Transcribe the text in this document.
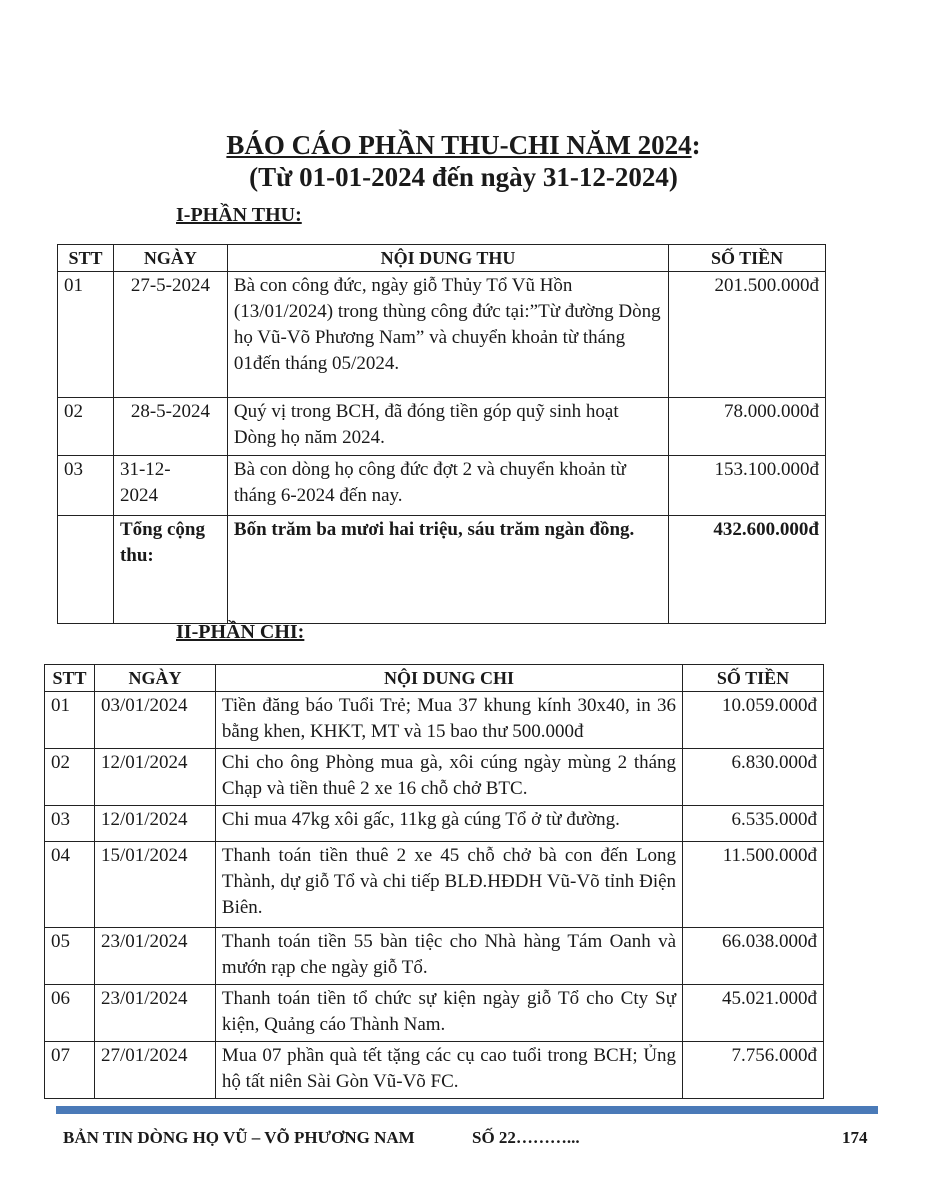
BÁO CÁO PHẦN THU-CHI NĂM 2024:
(Từ 01-01-2024 đến ngày 31-12-2024)
I-PHẦN THU:
STT	NGÀY	NỘI DUNG THU	SỐ TIỀN
01	27-5-2024	Bà con công đức, ngày giỗ Thủy Tổ Vũ Hồn (13/01/2024) trong thùng công đức tại:”Từ đường Dòng họ Vũ-Võ Phương Nam” và chuyển khoản từ tháng 01đến tháng 05/2024.	201.500.000đ
02	28-5-2024	Quý vị trong BCH, đã đóng tiền góp quỹ sinh hoạt Dòng họ năm 2024.	78.000.000đ
03	31-12-2024	Bà con dòng họ công đức đợt 2 và chuyển khoản từ tháng 6-2024 đến nay.	153.100.000đ
	Tổng cộng thu:	Bốn trăm ba mươi hai triệu, sáu trăm ngàn đồng.	432.600.000đ
II-PHẦN CHI:
STT	NGÀY	NỘI DUNG CHI	SỐ TIỀN
01	03/01/2024	Tiền đăng báo Tuổi Trẻ; Mua 37 khung kính 30x40, in 36 bằng khen, KHKT, MT và 15 bao thư 500.000đ	10.059.000đ
02	12/01/2024	Chi cho ông Phòng mua gà, xôi cúng ngày mùng 2 tháng Chạp và tiền thuê 2 xe 16 chỗ chở BTC.	6.830.000đ
03	12/01/2024	Chi mua 47kg xôi gấc, 11kg gà cúng Tổ ở từ đường.	6.535.000đ
04	15/01/2024	Thanh toán tiền thuê 2 xe 45 chỗ chở bà con đến Long Thành, dự giỗ Tổ và chi tiếp BLĐ.HĐDH Vũ-Võ tỉnh Điện Biên.	11.500.000đ
05	23/01/2024	Thanh toán tiền 55 bàn tiệc cho Nhà hàng Tám Oanh và mướn rạp che ngày giỗ Tổ.	66.038.000đ
06	23/01/2024	Thanh toán tiền tổ chức sự kiện ngày giỗ Tổ cho Cty Sự kiện, Quảng cáo Thành Nam.	45.021.000đ
07	27/01/2024	Mua 07 phần quà tết tặng các cụ cao tuổi trong BCH; Ủng hộ tất niên Sài Gòn Vũ-Võ FC.	7.756.000đ
BẢN TIN DÒNG HỌ VŨ – VÕ PHƯƠNG NAM	SỐ 22………...	174
